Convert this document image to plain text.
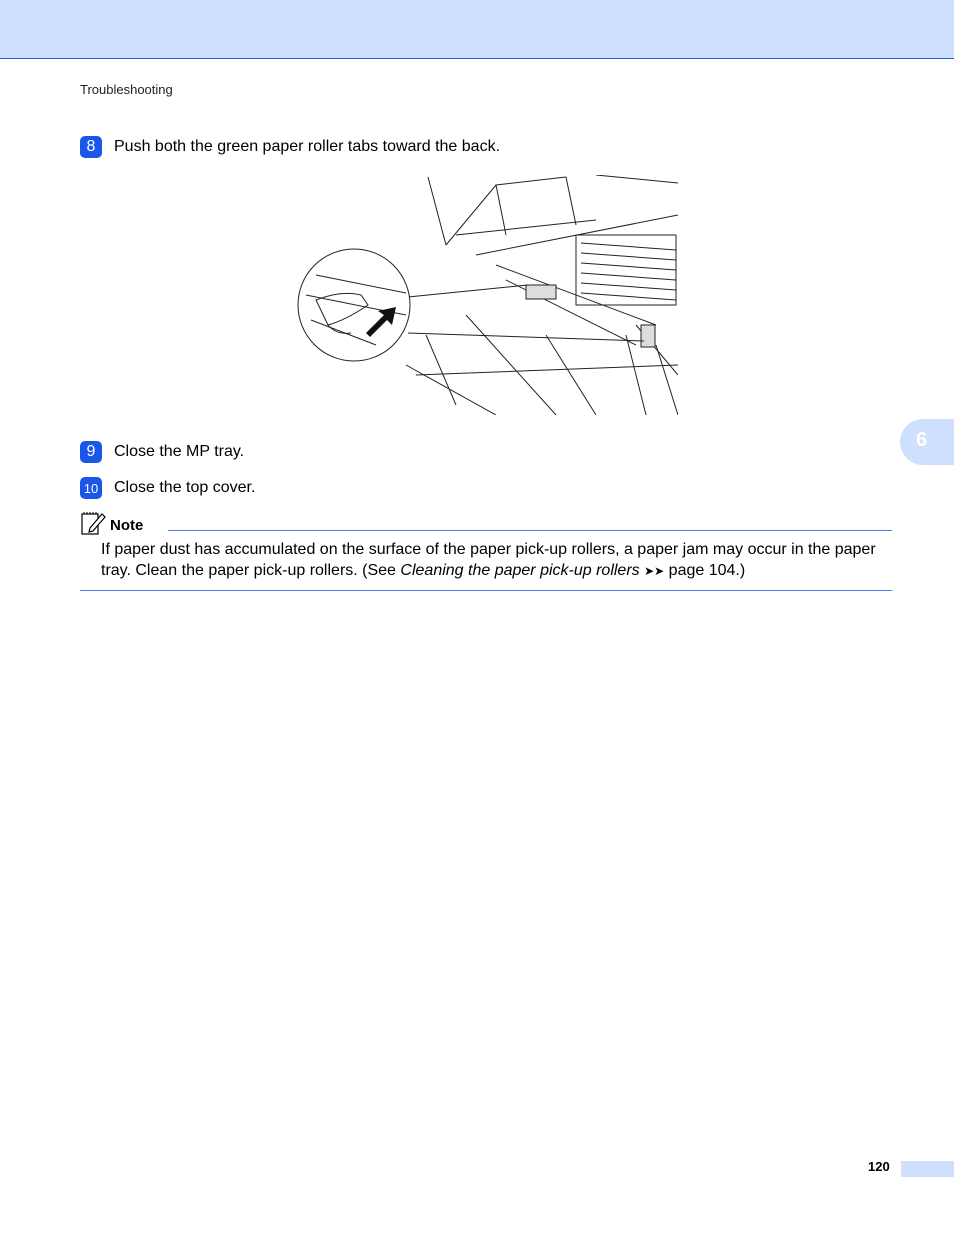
Troubleshooting
8	Push both the green paper roller tabs toward the back.
6
9	Close the MP tray.
10 Close the top cover.
Note
If paper dust has accumulated on the surface of the paper pick-up rollers, a paper jam may occur in the paper tray. Clean the paper pick-up rollers. (See Cleaning the paper pick-up rollers ➤➤ page 104.)
120
